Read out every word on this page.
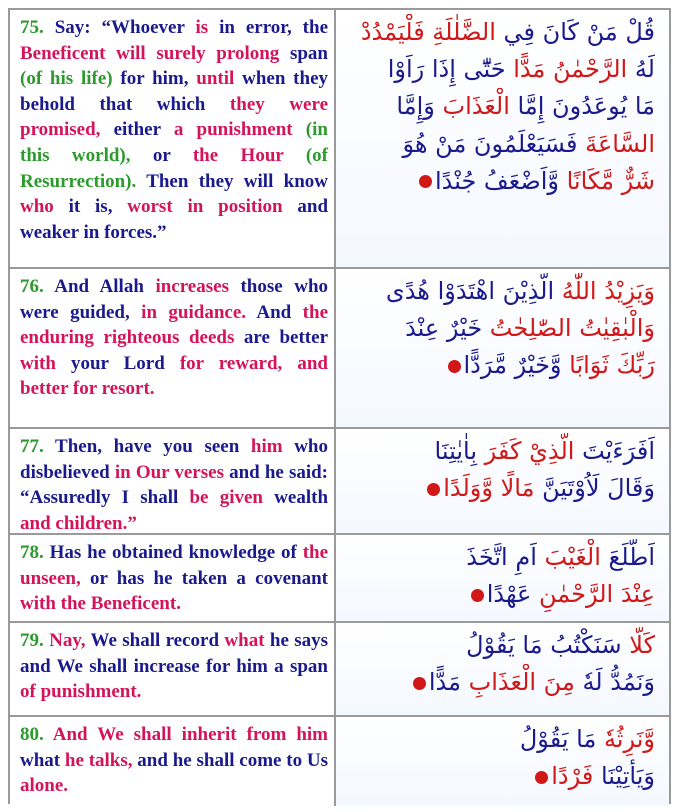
75. Say: “Whoever is in error, the Beneficent will surely prolong span (of his life) for him, until when they behold that which they were promised, either a punishment (in this world), or the Hour (of Resurrection). Then they will know who it is, worst in position and weaker in forces.”
قُلْ مَنْ كَانَ فِي الضَّلٰلَةِ فَلْيَمْدُدْ
لَهُ الرَّحْمٰنُ مَدًّا حَتّٰٓى إِذَا رَاَوْا
مَا يُوعَدُونَ إِمَّا الْعَذَابَ وَإِمَّا
السَّاعَةَ فَسَيَعْلَمُونَ مَنْ هُوَ
شَرٌّ مَّكَانًا وَّاَضْعَفُ جُنْدًا
76. And Allah increases those who were guided, in guidance. And the enduring righteous deeds are better with your Lord for reward, and better for resort.
وَيَزِيْدُ اللّٰهُ الَّذِيْنَ اهْتَدَوْا هُدًى
وَالْبٰقِيٰتُ الصّٰلِحٰتُ خَيْرٌ عِنْدَ
رَبِّكَ ثَوَابًا وَّخَيْرٌ مَّرَدًّا
77. Then, have you seen him who disbelieved in Our verses and he said: “Assuredly I shall be given wealth and children.”
اَفَرَءَيْتَ الَّذِيْ كَفَرَ بِاٰيٰتِنَا
وَقَالَ لَاُوْتَيَنَّ مَالًا وَّوَلَدًا
78. Has he obtained knowledge of the unseen, or has he taken a covenant with the Beneficent.
اَطَّلَعَ الْغَيْبَ اَمِ اتَّخَذَ
عِنْدَ الرَّحْمٰنِ عَهْدًا
79. Nay, We shall record what he says and We shall increase for him a span of punishment.
كَلَّا سَنَكْتُبُ مَا يَقُوْلُ
وَنَمُدُّ لَهٗ مِنَ الْعَذَابِ مَدًّا
80. And We shall inherit from him what he talks, and he shall come to Us alone.
وَّنَرِثُهٗ مَا يَقُوْلُ
وَيَأْتِيْنَا فَرْدًا
